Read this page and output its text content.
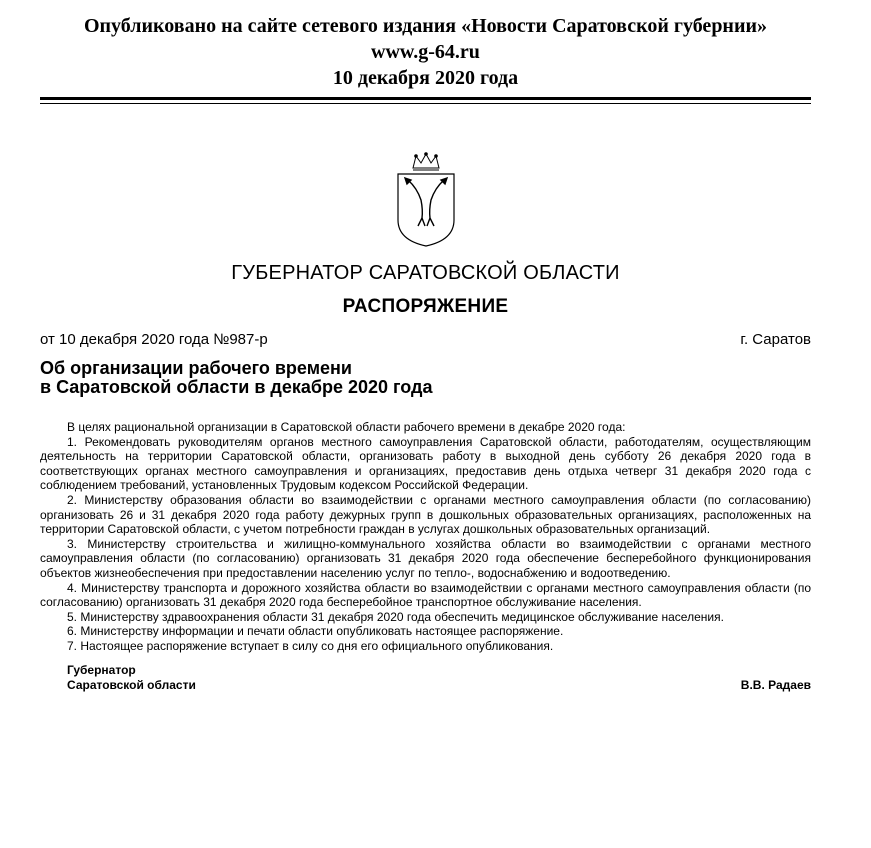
Опубликовано на сайте сетевого издания «Новости Саратовской губернии»
www.g-64.ru
10 декабря 2020 года
ГУБЕРНАТОР САРАТОВСКОЙ ОБЛАСТИ
РАСПОРЯЖЕНИЕ
от 10 декабря 2020 года №987-р	г. Саратов
Об организации рабочего времени
в Саратовской области в декабре 2020 года

В целях рациональной организации в Саратовской области рабочего времени в декабре 2020 года:

1. Рекомендовать руководителям органов местного самоуправления Саратовской области, работодателям, осуществляющим деятельность на территории Саратовской области, организовать работу в выходной день субботу 26 декабря 2020 года в соответствующих органах местного самоуправления и организациях, предоставив день отдыха четверг 31 декабря 2020 года с соблюдением требований, установленных Трудовым кодексом Российской Федерации.

2. Министерству образования области во взаимодействии с органами местного самоуправления области (по согласованию) организовать 26 и 31 декабря 2020 года работу дежурных групп в дошкольных образовательных организациях, расположенных на территории Саратовской области, с учетом потребности граждан в услугах дошкольных образовательных организаций.

3. Министерству строительства и жилищно-коммунального хозяйства области во взаимодействии с органами местного самоуправления области (по согласованию) организовать 31 декабря 2020 года обеспечение бесперебойного функционирования объектов жизнеобеспечения при предоставлении населению услуг по тепло-, водоснабжению и водоотведению.

4. Министерству транспорта и дорожного хозяйства области во взаимодействии с органами местного самоуправления области (по согласованию) организовать 31 декабря 2020 года бесперебойное транспортное обслуживание населения.

5. Министерству здравоохранения области 31 декабря 2020 года обеспечить медицинское обслуживание населения.

6. Министерству информации и печати области опубликовать настоящее распоряжение.

7. Настоящее распоряжение вступает в силу со дня его официального опубликования.

Губернатор
Саратовской области	В.В. Радаев
